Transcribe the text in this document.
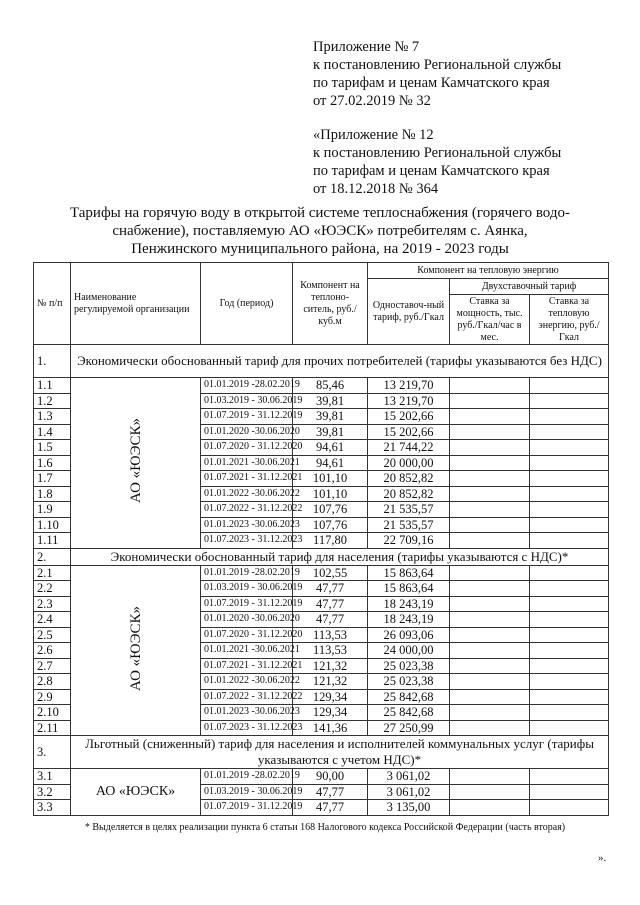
Приложение № 7
к постановлению Региональной службы
по тарифам и ценам Камчатского края
от 27.02.2019 № 32
«Приложение № 12
к постановлению Региональной службы
по тарифам и ценам Камчатского края
от 18.12.2018 № 364
Тарифы на горячую воду в открытой системе теплоснабжения (горячего водо-
снабжение), поставляемую АО «ЮЭСК» потребителям с. Аянка,
Пенжинского муниципального района, на 2019 - 2023 годы
№ п/п	Наименование регулируемой организации	Год (период)	Компонент на теплоно-ситель, руб./куб.м	Компонент на тепловую энергию		
				Одноставоч-ный тариф, руб./Гкал	Двухставочный тариф	
					Ставка за мощность, тыс. руб./Гкал/час в мес.	Ставка за тепловую энергию, руб./Гкал
1.	Экономически обоснованный тариф для прочих потребителей (тарифы указываются без НДС)					
1.1	АО «ЮЭСК»	01.01.2019 -28.02.2019	85,46	13 219,70		
1.2		01.03.2019 - 30.06.2019	39,81	13 219,70		
1.3		01.07.2019 - 31.12.2019	39,81	15 202,66		
1.4		01.01.2020 -30.06.2020	39,81	15 202,66		
1.5		01.07.2020 - 31.12.2020	94,61	21 744,22		
1.6		01.01.2021 -30.06.2021	94,61	20 000,00		
1.7		01.07.2021 - 31.12.2021	101,10	20 852,82		
1.8		01.01.2022 -30.06.2022	101,10	20 852,82		
1.9		01.07.2022 - 31.12.2022	107,76	21 535,57		
1.10		01.01.2023 -30.06.2023	107,76	21 535,57		
1.11		01.07.2023 - 31.12.2023	117,80	22 709,16		
2.	Экономически обоснованный тариф для населения (тарифы указываются с НДС)*					
2.1	АО «ЮЭСК»	01.01.2019 -28.02.2019	102,55	15 863,64		
2.2		01.03.2019 - 30.06.2019	47,77	15 863,64		
2.3		01.07.2019 - 31.12.2019	47,77	18 243,19		
2.4		01.01.2020 -30.06.2020	47,77	18 243,19		
2.5		01.07.2020 - 31.12.2020	113,53	26 093,06		
2.6		01.01.2021 -30.06.2021	113,53	24 000,00		
2.7		01.07.2021 - 31.12.2021	121,32	25 023,38		
2.8		01.01.2022 -30.06.2022	121,32	25 023,38		
2.9		01.07.2022 - 31.12.2022	129,34	25 842,68		
2.10		01.01.2023 -30.06.2023	129,34	25 842,68		
2.11		01.07.2023 - 31.12.2023	141,36	27 250,99		
3.	Льготный (сниженный) тариф для населения и исполнителей коммунальных услуг (тарифы указываются с учетом НДС)*					
3.1	АО «ЮЭСК»	01.01.2019 -28.02.2019	90,00	3 061,02		
3.2		01.03.2019 - 30.06.2019	47,77	3 061,02		
3.3		01.07.2019 - 31.12.2019	47,77	3 135,00		
* Выделяется в целях реализации пункта 6 статьи 168 Налогового кодекса Российской Федерации (часть вторая)
».
